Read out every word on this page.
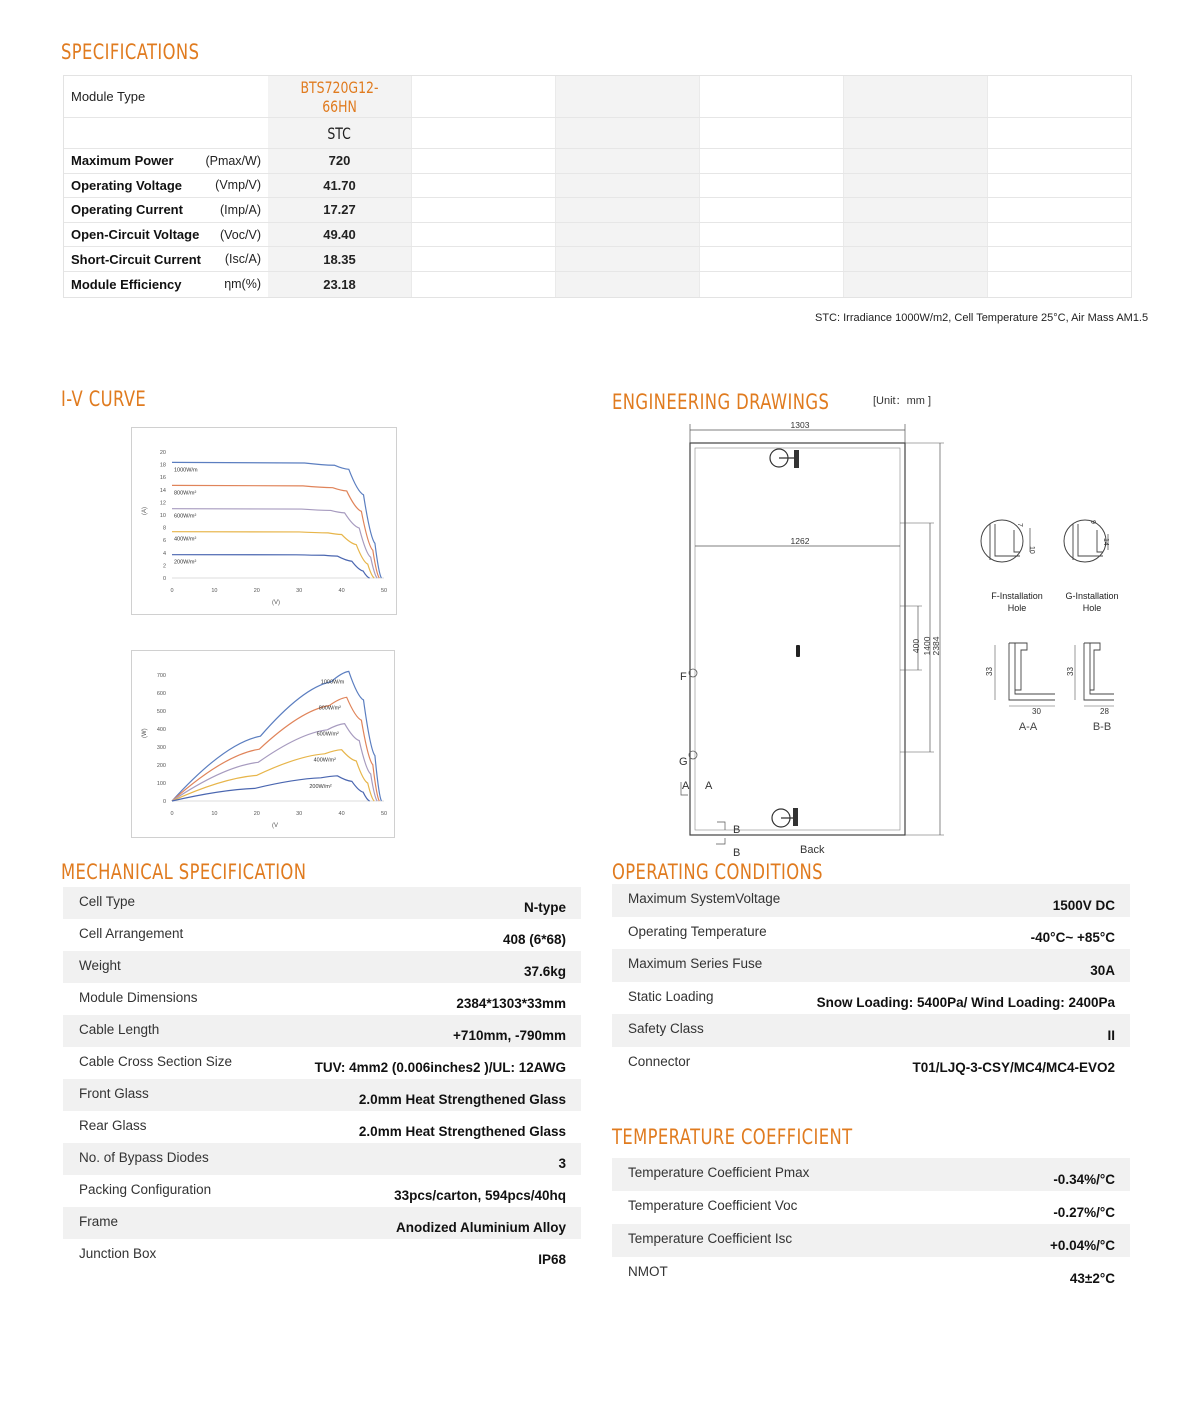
SPECIFICATIONS
I-V CURVE	ENGINEERING DRAWINGS
MECHANICAL SPECIFICATION	OPERATING CONDITIONS
TEMPERATURE COEFFICIENT
Module Type	BTS720G12-66HN
STC
Maximum Power	(Pmax/W)	720
Operating Voltage	(Vmp/V)	41.70
Operating Current	(Imp/A)	17.27
Open-Circuit Voltage (Voc/V)	49.40
Short-Circuit Current (Isc/A)	18.35
Module Efficiency	ηm(%)	23.18
STC: Irradiance 1000W/m2, Cell Temperature 25°C, Air Mass AM1.5
0	10	20	30	40	50
0
2
4
6
8
10
12
14
16
18
20
(V)
(A)
1000W/m
800W/m²
600W/m²
400W/m²
200W/m²
0	10	20	30	40	50
0
100
200
300
400
500
600
700
(V
(W)
1000W/m
800W/m²
600W/m²
400W/m²
200W/m²
[Unit：mm ]
1303
1262
400 1400 2384
F
G
A A
B
B	Back
7
10
F-Installation
Hole
9
14
G-Installation
Hole
33
30
A-A
33
28
B-B
Cell Type	N-type
Cell Arrangement	408 (6*68)
Weight	37.6kg
Module Dimensions	2384*1303*33mm
Cable Length	+710mm, -790mm
Cable Cross Section Size	TUV: 4mm2 (0.006inches2 )/UL: 12AWG
Front Glass	2.0mm Heat Strengthened Glass
Rear Glass	2.0mm Heat Strengthened Glass
No. of Bypass Diodes	3
Packing Configuration	33pcs/carton, 594pcs/40hq
Frame	Anodized Aluminium Alloy
Junction Box	IP68
Maximum SystemVoltage	1500V DC
Operating Temperature	-40°C~ +85°C
Maximum Series Fuse	30A
Static Loading	Snow Loading: 5400Pa/ Wind Loading: 2400Pa
Safety Class	II
Connector	T01/LJQ-3-CSY/MC4/MC4-EVO2
Temperature Coefficient Pmax	-0.34%/°C
Temperature Coefficient Voc	-0.27%/°C
Temperature Coefficient Isc	+0.04%/°C
NMOT	43±2°C
